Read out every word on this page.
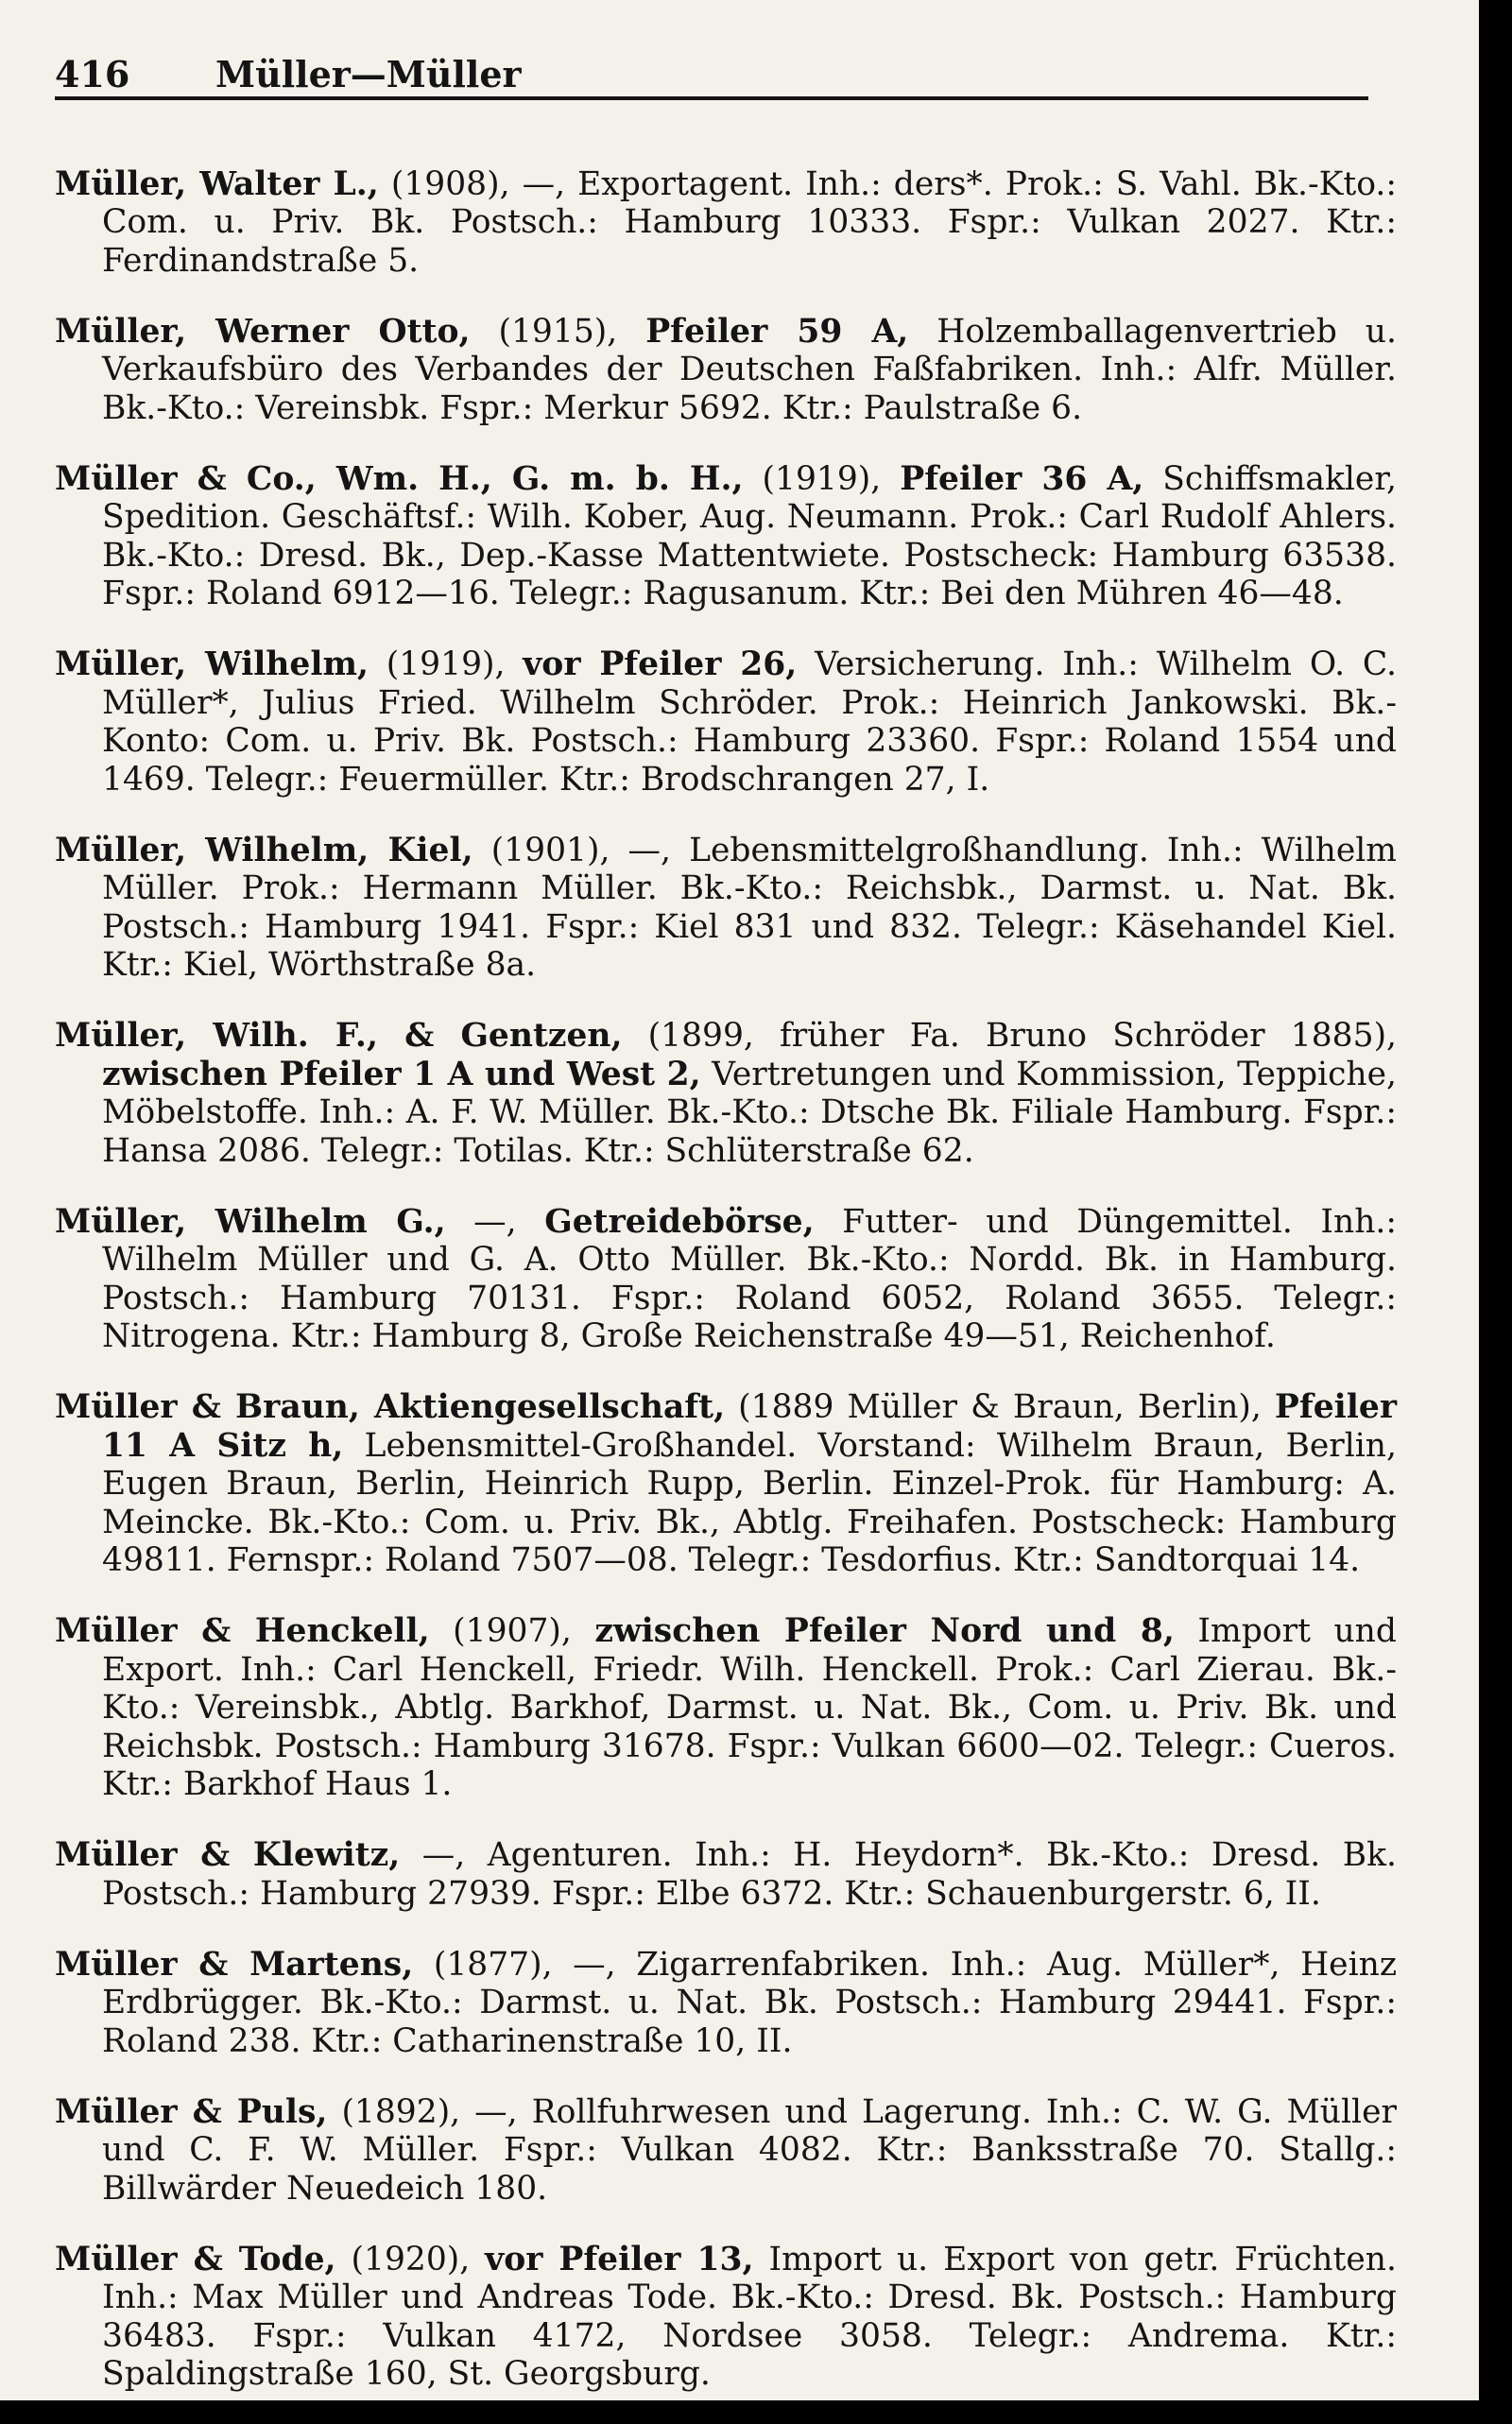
416 Müller—Müller

Müller, Walter L., (1908), —, Exportagent. Inh.: ders*. Prok.: S. Vahl. Bk.-Kto.: Com. u. Priv. Bk. Postsch.: Hamburg 10333. Fspr.: Vulkan 2027. Ktr.: Ferdinandstraße 5.

Müller, Werner Otto, (1915), Pfeiler 59 A, Holzemballagenvertrieb u. Verkaufsbüro des Verbandes der Deutschen Faßfabriken. Inh.: Alfr. Müller. Bk.-Kto.: Vereinsbk. Fspr.: Merkur 5692. Ktr.: Paulstraße 6.

Müller & Co., Wm. H., G. m. b. H., (1919), Pfeiler 36 A, Schiffsmakler, Spedition. Geschäftsf.: Wilh. Kober, Aug. Neumann. Prok.: Carl Rudolf Ahlers. Bk.-Kto.: Dresd. Bk., Dep.-Kasse Mattentwiete. Postscheck: Hamburg 63538. Fspr.: Roland 6912—16. Telegr.: Ragusanum. Ktr.: Bei den Mühren 46—48.

Müller, Wilhelm, (1919), vor Pfeiler 26, Versicherung. Inh.: Wilhelm O. C. Müller*, Julius Fried. Wilhelm Schröder. Prok.: Heinrich Jankowski. Bk.-Konto: Com. u. Priv. Bk. Postsch.: Hamburg 23360. Fspr.: Roland 1554 und 1469. Telegr.: Feuermüller. Ktr.: Brodschrangen 27, I.

Müller, Wilhelm, Kiel, (1901), —, Lebensmittelgroßhandlung. Inh.: Wilhelm Müller. Prok.: Hermann Müller. Bk.-Kto.: Reichsbk., Darmst. u. Nat. Bk. Postsch.: Hamburg 1941. Fspr.: Kiel 831 und 832. Telegr.: Käsehandel Kiel. Ktr.: Kiel, Wörthstraße 8a.

Müller, Wilh. F., & Gentzen, (1899, früher Fa. Bruno Schröder 1885), zwischen Pfeiler 1 A und West 2, Vertretungen und Kommission, Teppiche, Möbelstoffe. Inh.: A. F. W. Müller. Bk.-Kto.: Dtsche Bk. Filiale Hamburg. Fspr.: Hansa 2086. Telegr.: Totilas. Ktr.: Schlüterstraße 62.

Müller, Wilhelm G., —, Getreidebörse, Futter- und Düngemittel. Inh.: Wilhelm Müller und G. A. Otto Müller. Bk.-Kto.: Nordd. Bk. in Hamburg. Postsch.: Hamburg 70131. Fspr.: Roland 6052, Roland 3655. Telegr.: Nitrogena. Ktr.: Hamburg 8, Große Reichenstraße 49—51, Reichenhof.

Müller & Braun, Aktiengesellschaft, (1889 Müller & Braun, Berlin), Pfeiler 11 A Sitz h, Lebensmittel-Großhandel. Vorstand: Wilhelm Braun, Berlin, Eugen Braun, Berlin, Heinrich Rupp, Berlin. Einzel-Prok. für Hamburg: A. Meincke. Bk.-Kto.: Com. u. Priv. Bk., Abtlg. Freihafen. Postscheck: Hamburg 49811. Fernspr.: Roland 7507—08. Telegr.: Tesdorfius. Ktr.: Sandtorquai 14.

Müller & Henckell, (1907), zwischen Pfeiler Nord und 8, Import und Export. Inh.: Carl Henckell, Friedr. Wilh. Henckell. Prok.: Carl Zierau. Bk.-Kto.: Vereinsbk., Abtlg. Barkhof, Darmst. u. Nat. Bk., Com. u. Priv. Bk. und Reichsbk. Postsch.: Hamburg 31678. Fspr.: Vulkan 6600—02. Telegr.: Cueros. Ktr.: Barkhof Haus 1.

Müller & Klewitz, —, Agenturen. Inh.: H. Heydorn*. Bk.-Kto.: Dresd. Bk. Postsch.: Hamburg 27939. Fspr.: Elbe 6372. Ktr.: Schauenburgerstr. 6, II.

Müller & Martens, (1877), —, Zigarrenfabriken. Inh.: Aug. Müller*, Heinz Erdbrügger. Bk.-Kto.: Darmst. u. Nat. Bk. Postsch.: Hamburg 29441. Fspr.: Roland 238. Ktr.: Catharinenstraße 10, II.

Müller & Puls, (1892), —, Rollfuhrwesen und Lagerung. Inh.: C. W. G. Müller und C. F. W. Müller. Fspr.: Vulkan 4082. Ktr.: Banksstraße 70. Stallg.: Billwärder Neuedeich 180.

Müller & Tode, (1920), vor Pfeiler 13, Import u. Export von getr. Früchten. Inh.: Max Müller und Andreas Tode. Bk.-Kto.: Dresd. Bk. Postsch.: Hamburg 36483. Fspr.: Vulkan 4172, Nordsee 3058. Telegr.: Andrema. Ktr.: Spaldingstraße 160, St. Georgsburg.
